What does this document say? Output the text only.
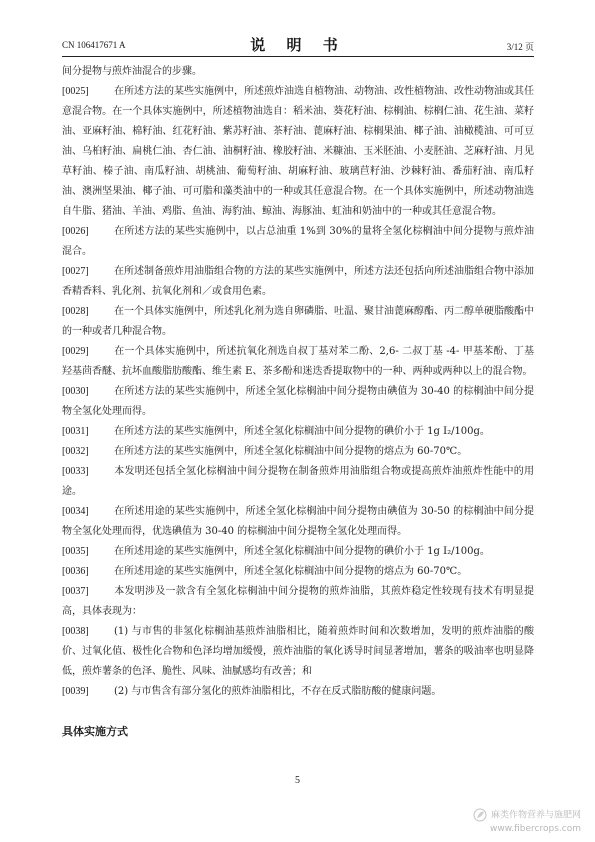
CN 106417671 A	说 明 书	3/12 页

间分提物与煎炸油混合的步骤。

[0025]	在所述方法的某些实施例中，所述煎炸油选自植物油、动物油、改性植物油、改性动物油或其任意混合物。在一个具体实施例中，所述植物油选自：稻米油、葵花籽油、棕榈油、棕榈仁油、花生油、菜籽油、亚麻籽油、棉籽油、红花籽油、紫苏籽油、茶籽油、蓖麻籽油、棕榈果油、椰子油、油橄榄油、可可豆油、乌桕籽油、扁桃仁油、杏仁油、油桐籽油、橡胶籽油、米糠油、玉米胚油、小麦胚油、芝麻籽油、月见草籽油、榛子油、南瓜籽油、胡桃油、葡萄籽油、胡麻籽油、玻璃苣籽油、沙棘籽油、番茄籽油、南瓜籽油、澳洲坚果油、椰子油、可可脂和藻类油中的一种或其任意混合物。在一个具体实施例中，所述动物油选自牛脂、猪油、羊油、鸡脂、鱼油、海豹油、鲸油、海豚油、虹油和奶油中的一种或其任意混合物。

[0026]	在所述方法的某些实施例中，以占总油重 1%到 30%的量将全氢化棕榈油中间分提物与煎炸油混合。

[0027]	在所述制备煎炸用油脂组合物的方法的某些实施例中，所述方法还包括向所述油脂组合物中添加香精香料、乳化剂、抗氧化剂和／或食用色素。

[0028]	在一个具体实施例中，所述乳化剂为选自卵磷脂、吐温、聚甘油蓖麻醇酯、丙二醇单硬脂酸酯中的一种或者几种混合物。

[0029]	在一个具体实施例中，所述抗氧化剂选自叔丁基对苯二酚、2,6- 二叔丁基 -4- 甲基苯酚、丁基羟基茴香醚、抗坏血酸脂肪酸酯、维生素 E、茶多酚和迷迭香提取物中的一种、两种或两种以上的混合物。

[0030]	在所述方法的某些实施例中，所述全氢化棕榈油中间分提物由碘值为 30-40 的棕榈油中间分提物全氢化处理而得。

[0031]	在所述方法的某些实施例中，所述全氢化棕榈油中间分提物的碘价小于 1g I₂/100g。

[0032]	在所述方法的某些实施例中，所述全氢化棕榈油中间分提物的熔点为 60-70℃。

[0033]	本发明还包括全氢化棕榈油中间分提物在制备煎炸用油脂组合物或提高煎炸油煎炸性能中的用途。

[0034]	在所述用途的某些实施例中，所述全氢化棕榈油中间分提物由碘值为 30-50 的棕榈油中间分提物全氢化处理而得，优选碘值为 30-40 的棕榈油中间分提物全氢化处理而得。

[0035]	在所述用途的某些实施例中，所述全氢化棕榈油中间分提物的碘价小于 1g I₂/100g。

[0036]	在所述用途的某些实施例中，所述全氢化棕榈油中间分提物的熔点为 60-70℃。

[0037]	本发明涉及一款含有全氢化棕榈油中间分提物的煎炸油脂，其煎炸稳定性较现有技术有明显提高，具体表现为：

[0038]	(1) 与市售的非氢化棕榈油基煎炸油脂相比，随着煎炸时间和次数增加，发明的煎炸油脂的酸价、过氧化值、极性化合物和色泽均增加缓慢，煎炸油脂的氧化诱导时间显著增加，薯条的吸油率也明显降低，煎炸薯条的色泽、脆性、风味、油腻感均有改善；和

[0039]	(2) 与市售含有部分氢化的煎炸油脂相比，不存在反式脂肪酸的健康问题。

具体实施方式
5
麻类作物营养与施肥网
www.fibercrops.com
